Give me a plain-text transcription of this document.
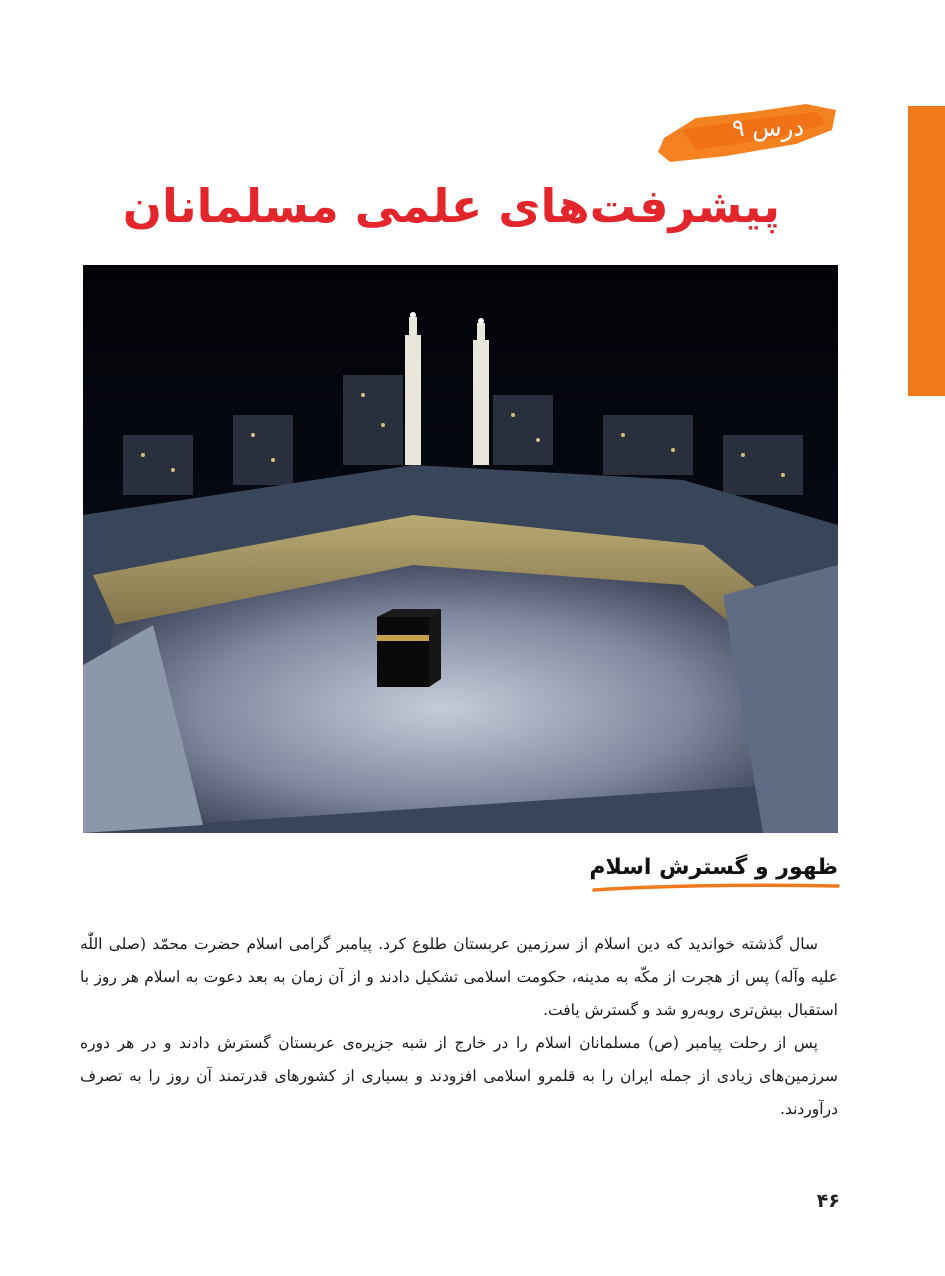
درس ۹
پیشرفت‌های علمی مسلمانان
ظهور و گسترش اسلام

سال گذشته خواندید که دین اسلام از سرزمین عربستان طلوع کرد. پیامبر گرامی اسلام حضرت محمّد (صلی اللّٰه علیه وآله) پس از هجرت از مکّه به مدینه، حکومت اسلامی تشکیل دادند و از آن زمان به بعد دعوت به اسلام هر روز با استقبال بیش‌تری روبه‌رو شد و گسترش یافت.

پس از رحلت پیامبر (ص) مسلمانان اسلام را در خارج از شبه جزیره‌ی عربستان گسترش دادند و در هر دوره سرزمین‌های زیادی از جمله ایران را به قلمرو اسلامی افزودند و بسیاری از کشورهای قدرتمند آن روز را به تصرف درآوردند.

۴۶
